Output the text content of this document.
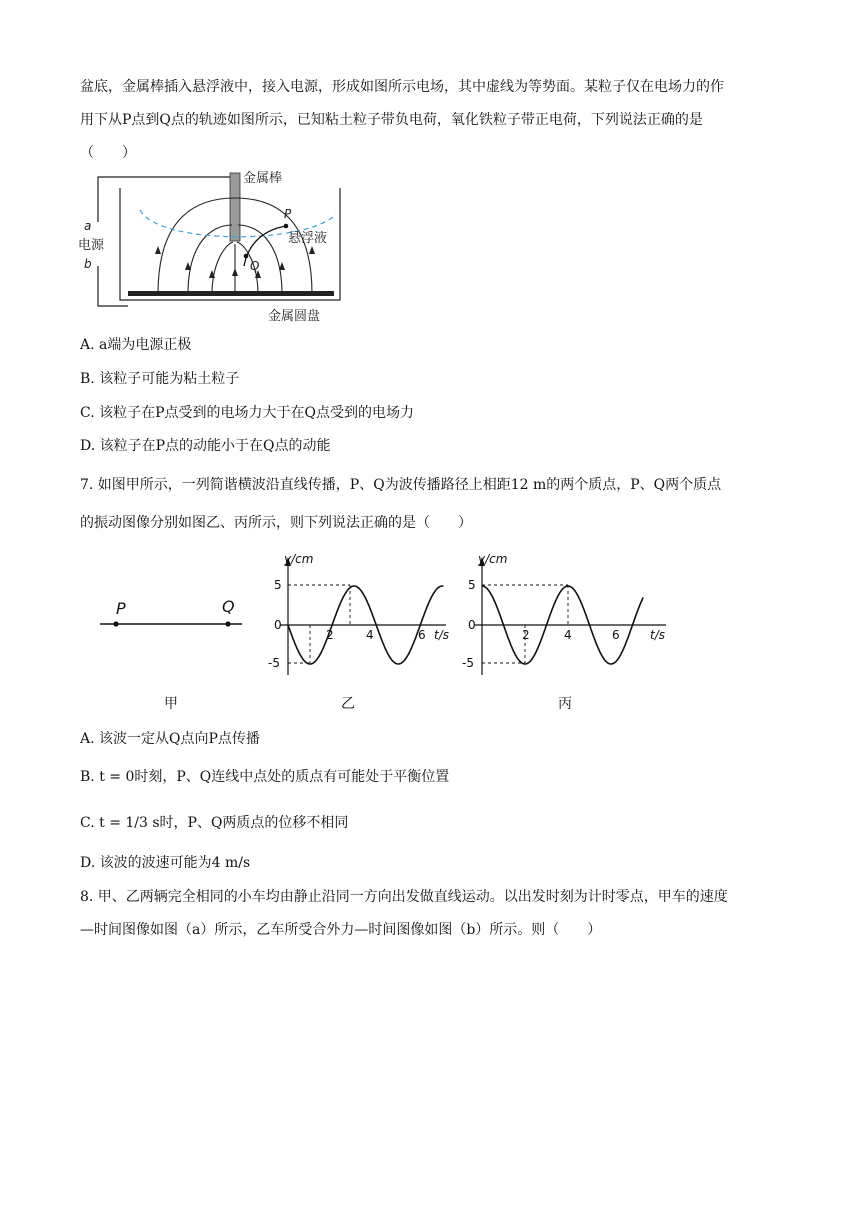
盆底，金属棒插入悬浮液中，接入电源，形成如图所示电场，其中虚线为等势面。某粒子仅在电场力的作
用下从P点到Q点的轨迹如图所示，已知粘土粒子带负电荷，氧化铁粒子带正电荷，下列说法正确的是
（　　）
金属棒
P
悬浮液
Q
a
电源
b
金属圆盘
A. a端为电源正极
B. 该粒子可能为粘土粒子
C. 该粒子在P点受到的电场力大于在Q点受到的电场力
D. 该粒子在P点的动能小于在Q点的动能
7. 如图甲所示，一列简谐横波沿直线传播，P、Q为波传播路径上相距12 m的两个质点，P、Q两个质点
的振动图像分别如图乙、丙所示，则下列说法正确的是（　　）
P	Q
甲
y/cm
5
0
-5
2	4	6 t/s
乙
y/cm
5
0
-5
2	4	6	t/s
丙
A. 该波一定从Q点向P点传播
B. t = 0时刻，P、Q连线中点处的质点有可能处于平衡位置
C. t = 1/3 s时，P、Q两质点的位移不相同
D. 该波的波速可能为4 m/s
8. 甲、乙两辆完全相同的小车均由静止沿同一方向出发做直线运动。以出发时刻为计时零点，甲车的速度
—时间图像如图（a）所示，乙车所受合外力—时间图像如图（b）所示。则（　　）
